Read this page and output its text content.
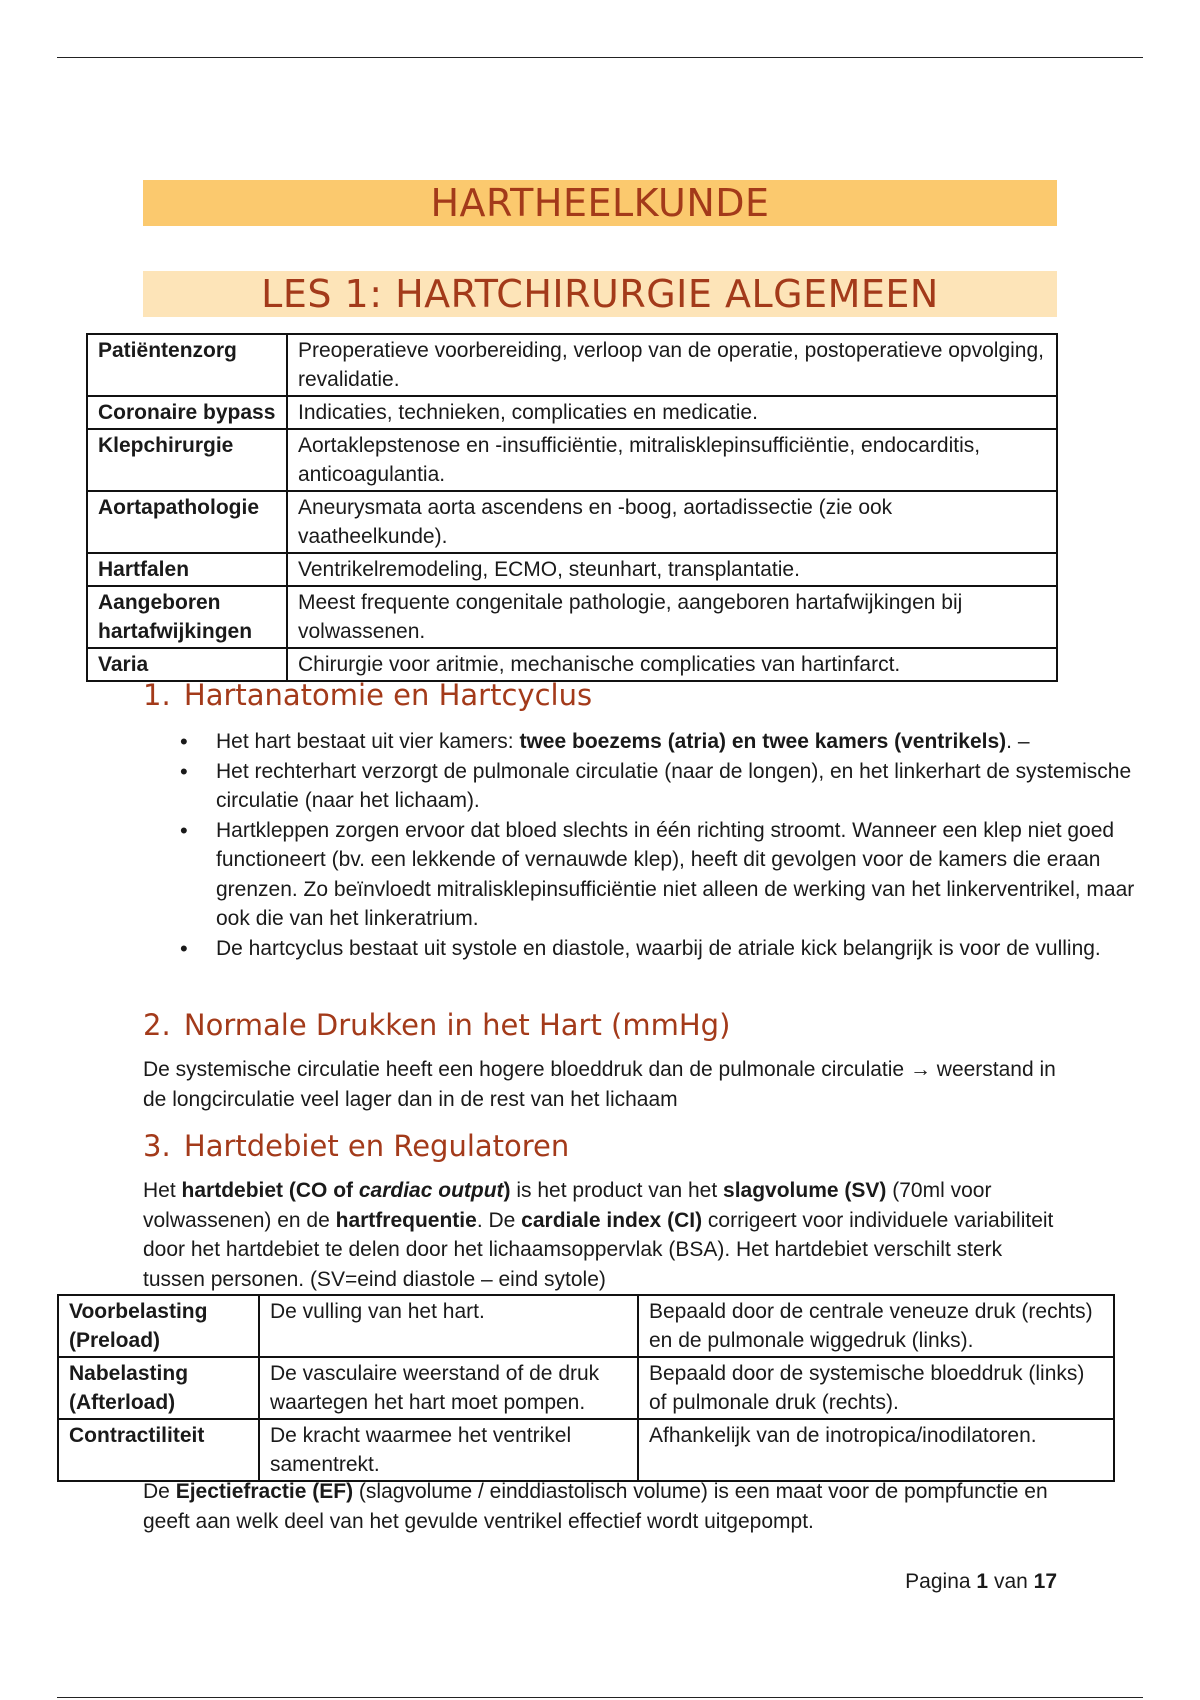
HARTHEELKUNDE
LES 1: HARTCHIRURGIE ALGEMEEN
Patiëntenzorg	Preoperatieve voorbereiding, verloop van de operatie, postoperatieve opvolging, revalidatie.
Coronaire bypass	Indicaties, technieken, complicaties en medicatie.
Klepchirurgie	Aortaklepstenose en -insufficiëntie, mitralisklepinsufficiëntie, endocarditis, anticoagulantia.
Aortapathologie	Aneurysmata aorta ascendens en -boog, aortadissectie (zie ook vaatheelkunde).
Hartfalen	Ventrikelremodeling, ECMO, steunhart, transplantatie.
Aangeboren hartafwijkingen	Meest frequente congenitale pathologie, aangeboren hartafwijkingen bij volwassenen.
Varia	Chirurgie voor aritmie, mechanische complicaties van hartinfarct.
1. Hartanatomie en Hartcyclus
• Het hart bestaat uit vier kamers: twee boezems (atria) en twee kamers (ventrikels). –
• Het rechterhart verzorgt de pulmonale circulatie (naar de longen), en het linkerhart de systemische circulatie (naar het lichaam).
• Hartkleppen zorgen ervoor dat bloed slechts in één richting stroomt. Wanneer een klep niet goed functioneert (bv. een lekkende of vernauwde klep), heeft dit gevolgen voor de kamers die eraan grenzen. Zo beïnvloedt mitralisklepinsufficiëntie niet alleen de werking van het linkerventrikel, maar ook die van het linkeratrium.
• De hartcyclus bestaat uit systole en diastole, waarbij de atriale kick belangrijk is voor de vulling.
2. Normale Drukken in het Hart (mmHg)
De systemische circulatie heeft een hogere bloeddruk dan de pulmonale circulatie → weerstand in de longcirculatie veel lager dan in de rest van het lichaam
3. Hartdebiet en Regulatoren
Het hartdebiet (CO of cardiac output) is het product van het slagvolume (SV) (70ml voor volwassenen) en de hartfrequentie. De cardiale index (CI) corrigeert voor individuele variabiliteit door het hartdebiet te delen door het lichaamsoppervlak (BSA). Het hartdebiet verschilt sterk tussen personen. (SV=eind diastole – eind sytole)
Voorbelasting (Preload)	De vulling van het hart.	Bepaald door de centrale veneuze druk (rechts) en de pulmonale wiggedruk (links).
Nabelasting (Afterload)	De vasculaire weerstand of de druk waartegen het hart moet pompen.	Bepaald door de systemische bloeddruk (links) of pulmonale druk (rechts).
Contractiliteit	De kracht waarmee het ventrikel samentrekt.	Afhankelijk van de inotropica/inodilatoren.
De Ejectiefractie (EF) (slagvolume / einddiastolisch volume) is een maat voor de pompfunctie en geeft aan welk deel van het gevulde ventrikel effectief wordt uitgepompt.
Pagina 1 van 17
